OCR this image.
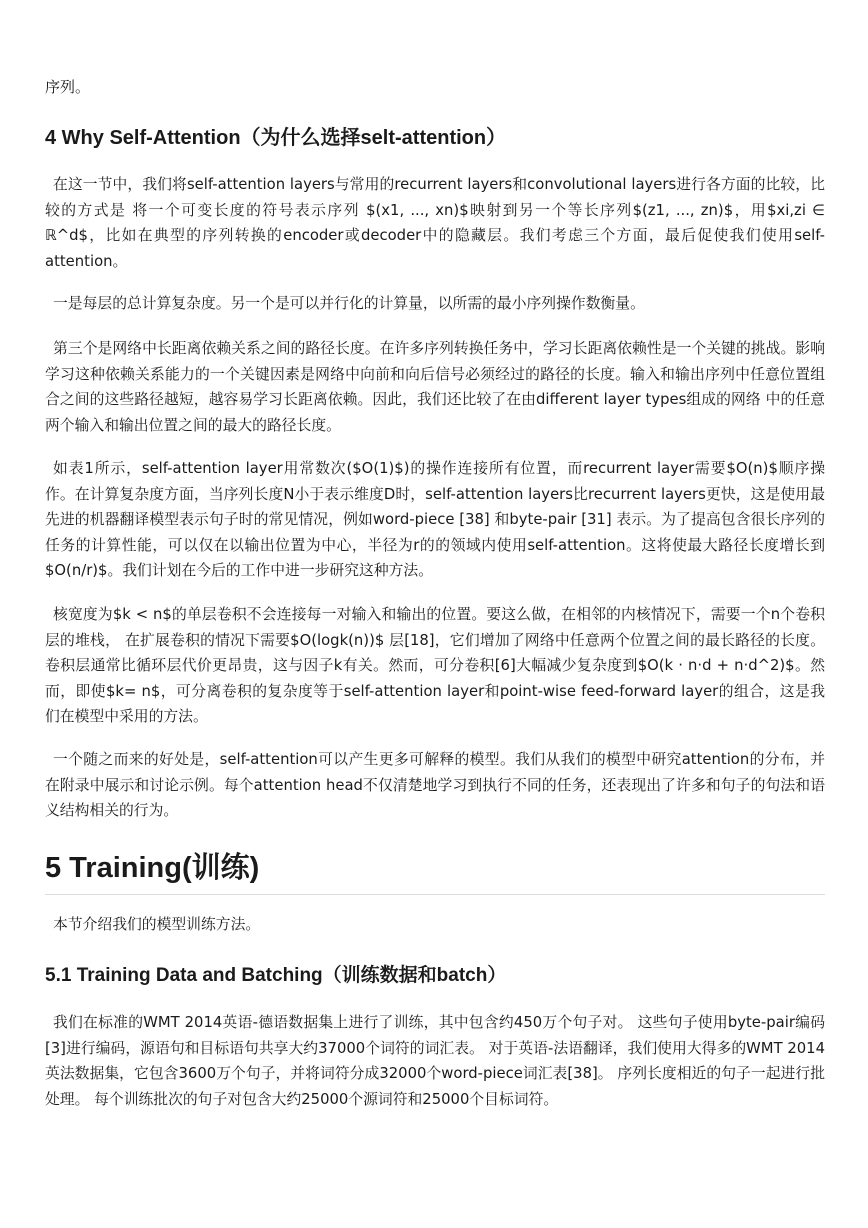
序列。

4 Why Self-Attention（为什么选择selt-attention）

在这一节中，我们将self-attention layers与常用的recurrent layers和convolutional layers进行各方面的比较，比较的方式是 将一个可变长度的符号表示序列 $(x1, ..., xn)$映射到另一个等长序列$(z1, ..., zn)$，用$xi,zi ∈ ℝ^d$，比如在典型的序列转换的encoder或decoder中的隐藏层。我们考虑三个方面，最后促使我们使用self-attention。

一是每层的总计算复杂度。另一个是可以并行化的计算量，以所需的最小序列操作数衡量。

第三个是网络中长距离依赖关系之间的路径长度。在许多序列转换任务中，学习长距离依赖性是一个关键的挑战。影响学习这种依赖关系能力的一个关键因素是网络中向前和向后信号必须经过的路径的长度。输入和输出序列中任意位置组合之间的这些路径越短，越容易学习长距离依赖。因此，我们还比较了在由different layer types组成的网络 中的任意两个输入和输出位置之间的最大的路径长度。

如表1所示，self-attention layer用常数次($O(1)$)的操作连接所有位置，而recurrent layer需要$O(n)$顺序操作。在计算复杂度方面，当序列长度N小于表示维度D时，self-attention layers比recurrent layers更快，这是使用最先进的机器翻译模型表示句子时的常见情况，例如word-piece [38] 和byte-pair [31] 表示。为了提高包含很长序列的任务的计算性能，可以仅在以输出位置为中心，半径为r的的领域内使用self-attention。这将使最大路径长度增长到$O(n/r)$。我们计划在今后的工作中进一步研究这种方法。

核宽度为$k < n$的单层卷积不会连接每一对输入和输出的位置。要这么做，在相邻的内核情况下，需要一个n个卷积层的堆栈， 在扩展卷积的情况下需要$O(logk(n))$ 层[18]，它们增加了网络中任意两个位置之间的最长路径的长度。 卷积层通常比循环层代价更昂贵，这与因子k有关。然而，可分卷积[6]大幅减少复杂度到$O(k · n·d + n·d^2)$。然而，即使$k= n$，可分离卷积的复杂度等于self-attention layer和point-wise feed-forward layer的组合，这是我们在模型中采用的方法。

一个随之而来的好处是，self-attention可以产生更多可解释的模型。我们从我们的模型中研究attention的分布，并在附录中展示和讨论示例。每个attention head不仅清楚地学习到执行不同的任务，还表现出了许多和句子的句法和语义结构相关的行为。

5 Training(训练)

本节介绍我们的模型训练方法。

5.1 Training Data and Batching（训练数据和batch）

我们在标准的WMT 2014英语-德语数据集上进行了训练，其中包含约450万个句子对。 这些句子使用byte-pair编码[3]进行编码，源语句和目标语句共享大约37000个词符的词汇表。 对于英语-法语翻译，我们使用大得多的WMT 2014英法数据集，它包含3600万个句子，并将词符分成32000个word-piece词汇表[38]。 序列长度相近的句子一起进行批处理。 每个训练批次的句子对包含大约25000个源词符和25000个目标词符。
